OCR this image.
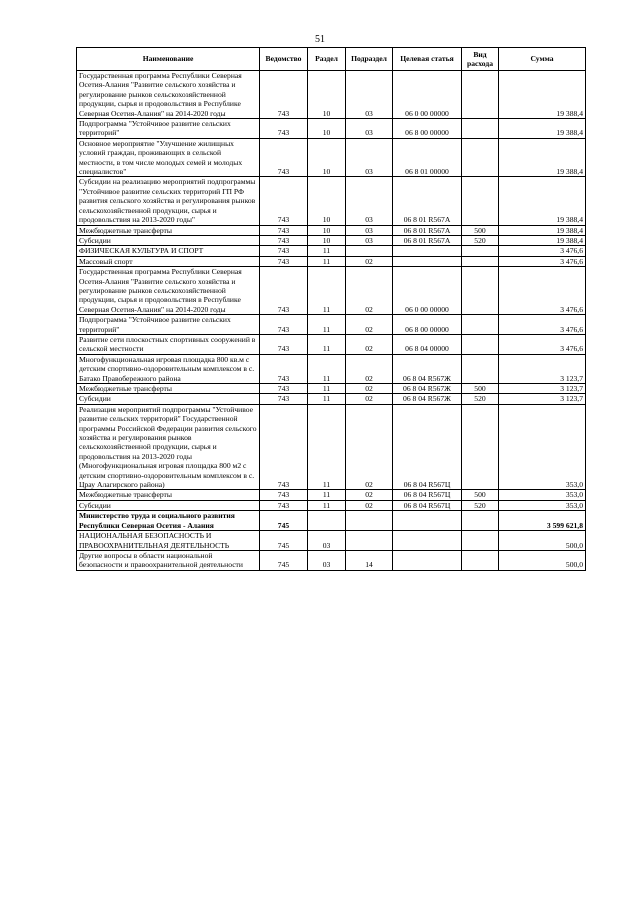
51
Наименование	Ведомство	Раздел	Подраздел	Целевая статья	Вид расхода	Сумма
Государственная программа Республики Северная Осетия-Алания "Развитие сельского хозяйства и регулирование рынков сельскохозяйственной продукции, сырья и продовольствия в Республике Северная Осетия-Алания" на 2014-2020 годы	743	10	03	06 0 00 00000		19 388,4
Подпрограмма "Устойчивое развитие сельских территорий"	743	10	03	06 8 00 00000		19 388,4
Основное мероприятие "Улучшение жилищных условий граждан, проживающих в сельской местности, в том числе молодых семей и молодых специалистов"	743	10	03	06 8 01 00000		19 388,4
Субсидии на реализацию мероприятий подпрограммы "Устойчивое развитие сельских территорий ГП РФ развития сельского хозяйства и регулирования рынков сельскохозяйственной продукции, сырья и продовольствия на 2013-2020 годы"	743	10	03	06 8 01 R567А		19 388,4
Межбюджетные трансферты	743	10	03	06 8 01 R567А	500	19 388,4
Субсидии	743	10	03	06 8 01 R567А	520	19 388,4
ФИЗИЧЕСКАЯ КУЛЬТУРА И СПОРТ	743	11				3 476,6
Массовый спорт	743	11	02			3 476,6
Государственная программа Республики Северная Осетия-Алания "Развитие сельского хозяйства и регулирование рынков сельскохозяйственной продукции, сырья и продовольствия в Республике Северная Осетия-Алания" на 2014-2020 годы	743	11	02	06 0 00 00000		3 476,6
Подпрограмма "Устойчивое развитие сельских территорий"	743	11	02	06 8 00 00000		3 476,6
Развитие сети плоскостных спортивных сооружений в сельской местности	743	11	02	06 8 04 00000		3 476,6
Многофункциональная игровая площадка 800 кв.м с детским спортивно-оздоровительным комплексом в с. Батако Правобережного района	743	11	02	06 8 04 R567Ж		3 123,7
Межбюджетные трансферты	743	11	02	06 8 04 R567Ж	500	3 123,7
Субсидии	743	11	02	06 8 04 R567Ж	520	3 123,7
Реализация мероприятий подпрограммы "Устойчивое развитие сельских территорий" Государственной программы Российской Федерации развития сельского хозяйства и регулирования рынков сельскохозяйственной продукции, сырья и продовольствия на 2013-2020 годы (Многофункциональная игровая площадка 800 м2 с детским спортивно-оздоровительным комплексом в с. Црау Алагирского района)	743	11	02	06 8 04 R567Ц		353,0
Межбюджетные трансферты	743	11	02	06 8 04 R567Ц	500	353,0
Субсидии	743	11	02	06 8 04 R567Ц	520	353,0
Министерство труда и социального развития Республики Северная Осетия - Алания	745					3 599 621,8
НАЦИОНАЛЬНАЯ БЕЗОПАСНОСТЬ И ПРАВООХРАНИТЕЛЬНАЯ ДЕЯТЕЛЬНОСТЬ	745	03				500,0
Другие вопросы в области национальной безопасности и правоохранительной деятельности	745	03	14			500,0
